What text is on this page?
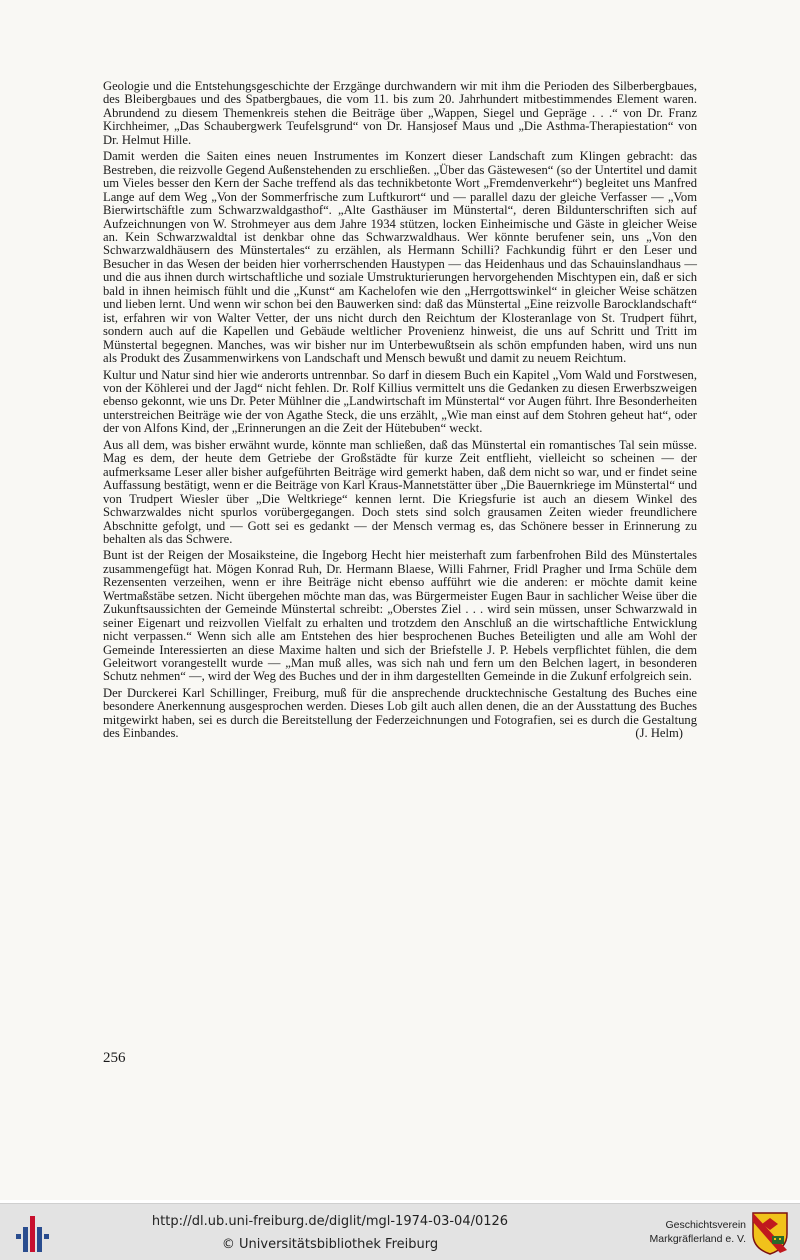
Geologie und die Entstehungsgeschichte der Erzgänge durchwandern wir mit ihm die Perioden des Silberbergbaues, des Bleibergbaues und des Spatbergbaues, die vom 11. bis zum 20. Jahrhundert mitbestimmendes Element waren. Abrundend zu diesem Themenkreis stehen die Beiträge über „Wappen, Siegel und Gepräge . . .“ von Dr. Franz Kirchheimer, „Das Schaubergwerk Teufelsgrund“ von Dr. Hansjosef Maus und „Die Asthma-Therapiestation“ von Dr. Helmut Hille.

Damit werden die Saiten eines neuen Instrumentes im Konzert dieser Landschaft zum Klingen gebracht: das Bestreben, die reizvolle Gegend Außenstehenden zu erschließen. „Über das Gästewesen“ (so der Untertitel und damit um Vieles besser den Kern der Sache treffend als das technikbetonte Wort „Fremdenverkehr“) begleitet uns Manfred Lange auf dem Weg „Von der Sommerfrische zum Luftkurort“ und — parallel dazu der gleiche Verfasser — „Vom Bierwirtschäftle zum Schwarzwaldgasthof“. „Alte Gasthäuser im Münstertal“, deren Bildunterschriften sich auf Aufzeichnungen von W. Strohmeyer aus dem Jahre 1934 stützen, locken Einheimische und Gäste in gleicher Weise an. Kein Schwarzwaldtal ist denkbar ohne das Schwarzwaldhaus. Wer könnte berufener sein, uns „Von den Schwarzwaldhäusern des Münstertales“ zu erzählen, als Hermann Schilli? Fachkundig führt er den Leser und Besucher in das Wesen der beiden hier vorherrschenden Haustypen — das Heidenhaus und das Schauinslandhaus — und die aus ihnen durch wirtschaftliche und soziale Umstrukturierungen hervorgehenden Mischtypen ein, daß er sich bald in ihnen heimisch fühlt und die „Kunst“ am Kachelofen wie den „Herrgottswinkel“ in gleicher Weise schätzen und lieben lernt. Und wenn wir schon bei den Bauwerken sind: daß das Münstertal „Eine reizvolle Barocklandschaft“ ist, erfahren wir von Walter Vetter, der uns nicht durch den Reichtum der Klosteranlage von St. Trudpert führt, sondern auch auf die Kapellen und Gebäude weltlicher Provenienz hinweist, die uns auf Schritt und Tritt im Münstertal begegnen. Manches, was wir bisher nur im Unterbewußtsein als schön empfunden haben, wird uns nun als Produkt des Zusammenwirkens von Landschaft und Mensch bewußt und damit zu neuem Reichtum.

Kultur und Natur sind hier wie anderorts untrennbar. So darf in diesem Buch ein Kapitel „Vom Wald und Forstwesen, von der Köhlerei und der Jagd“ nicht fehlen. Dr. Rolf Killius vermittelt uns die Gedanken zu diesen Erwerbszweigen ebenso gekonnt, wie uns Dr. Peter Mühlner die „Landwirtschaft im Münstertal“ vor Augen führt. Ihre Besonderheiten unterstreichen Beiträge wie der von Agathe Steck, die uns erzählt, „Wie man einst auf dem Stohren geheut hat“, oder der von Alfons Kind, der „Erinnerungen an die Zeit der Hütebuben“ weckt.

Aus all dem, was bisher erwähnt wurde, könnte man schließen, daß das Münstertal ein romantisches Tal sein müsse. Mag es dem, der heute dem Getriebe der Großstädte für kurze Zeit entflieht, vielleicht so scheinen — der aufmerksame Leser aller bisher aufgeführten Beiträge wird gemerkt haben, daß dem nicht so war, und er findet seine Auffassung bestätigt, wenn er die Beiträge von Karl Kraus-Mannetstätter über „Die Bauernkriege im Münstertal“ und von Trudpert Wiesler über „Die Weltkriege“ kennen lernt. Die Kriegsfurie ist auch an diesem Winkel des Schwarzwaldes nicht spurlos vorübergegangen. Doch stets sind solch grausamen Zeiten wieder freundlichere Abschnitte gefolgt, und — Gott sei es gedankt — der Mensch vermag es, das Schönere besser in Erinnerung zu behalten als das Schwere.

Bunt ist der Reigen der Mosaiksteine, die Ingeborg Hecht hier meisterhaft zum farbenfrohen Bild des Münstertales zusammengefügt hat. Mögen Konrad Ruh, Dr. Hermann Blaese, Willi Fahrner, Fridl Pragher und Irma Schüle dem Rezensenten verzeihen, wenn er ihre Beiträge nicht ebenso aufführt wie die anderen: er möchte damit keine Wertmaßstäbe setzen. Nicht übergehen möchte man das, was Bürgermeister Eugen Baur in sachlicher Weise über die Zukunftsaussichten der Gemeinde Münstertal schreibt: „Oberstes Ziel . . . wird sein müssen, unser Schwarzwald in seiner Eigenart und reizvollen Vielfalt zu erhalten und trotzdem den Anschluß an die wirtschaftliche Entwicklung nicht verpassen.“ Wenn sich alle am Entstehen des hier besprochenen Buches Beteiligten und alle am Wohl der Gemeinde Interessierten an diese Maxime halten und sich der Briefstelle J. P. Hebels verpflichtet fühlen, die dem Geleitwort vorangestellt wurde — „Man muß alles, was sich nah und fern um den Belchen lagert, in besonderen Schutz nehmen“ —, wird der Weg des Buches und der in ihm dargestellten Gemeinde in die Zukunf erfolgreich sein.

Der Durckerei Karl Schillinger, Freiburg, muß für die ansprechende drucktechnische Gestaltung des Buches eine besondere Anerkennung ausgesprochen werden. Dieses Lob gilt auch allen denen, die an der Ausstattung des Buches mitgewirkt haben, sei es durch die Bereitstellung der Federzeichnungen und Fotografien, sei es durch die Gestaltung des Einbandes.	(J. Helm)

256
http://dl.ub.uni-freiburg.de/diglit/mgl-1974-03-04/0126
© Universitätsbibliothek Freiburg
Geschichtsverein
Markgräflerland e. V.
